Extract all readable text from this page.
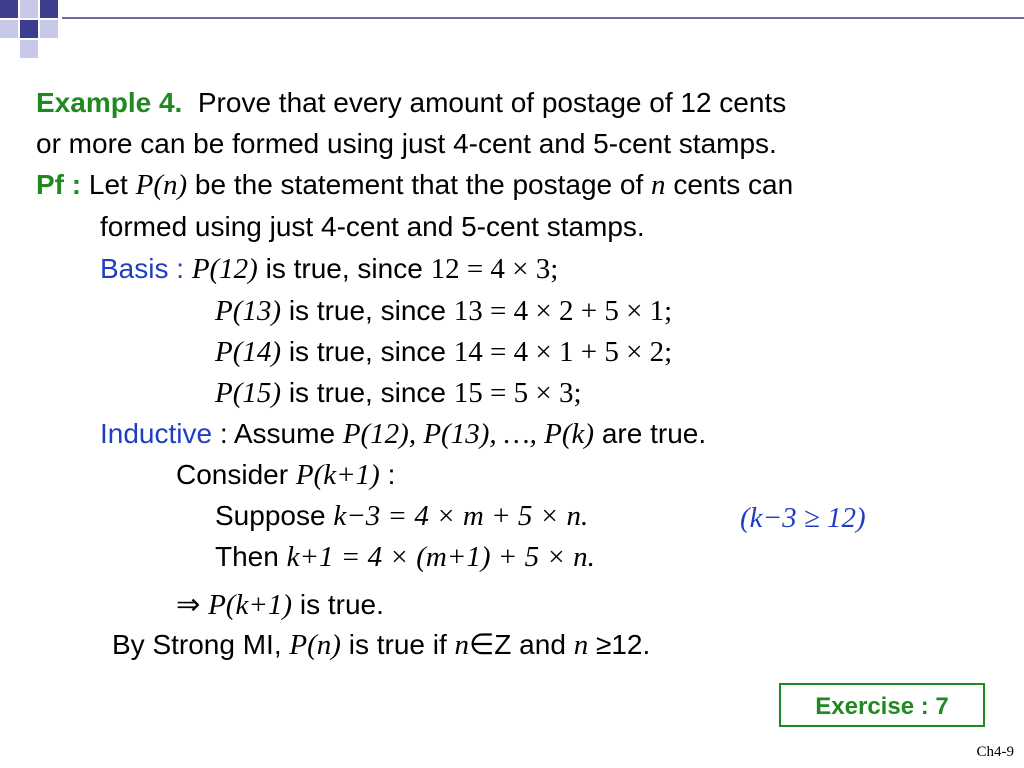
Example 4. Prove that every amount of postage of 12 cents
or more can be formed using just 4-cent and 5-cent stamps.
Pf : Let P(n) be the statement that the postage of n cents can
formed using just 4-cent and 5-cent stamps.
Basis : P(12) is true, since 12 = 4 × 3;
P(13) is true, since 13 = 4 × 2 + 5 × 1;
P(14) is true, since 14 = 4 × 1 + 5 × 2;
P(15) is true, since 15 = 5 × 3;
Inductive : Assume P(12), P(13), …, P(k) are true.
Consider P(k+1) :
Suppose k−3 = 4 × m + 5 × n.	(k−3 ≥ 12)
Then k+1 = 4 × (m+1) + 5 × n.
⇒ P(k+1) is true.
By Strong MI, P(n) is true if n∈Z and n ≥12.
Exercise : 7
Ch4-9
